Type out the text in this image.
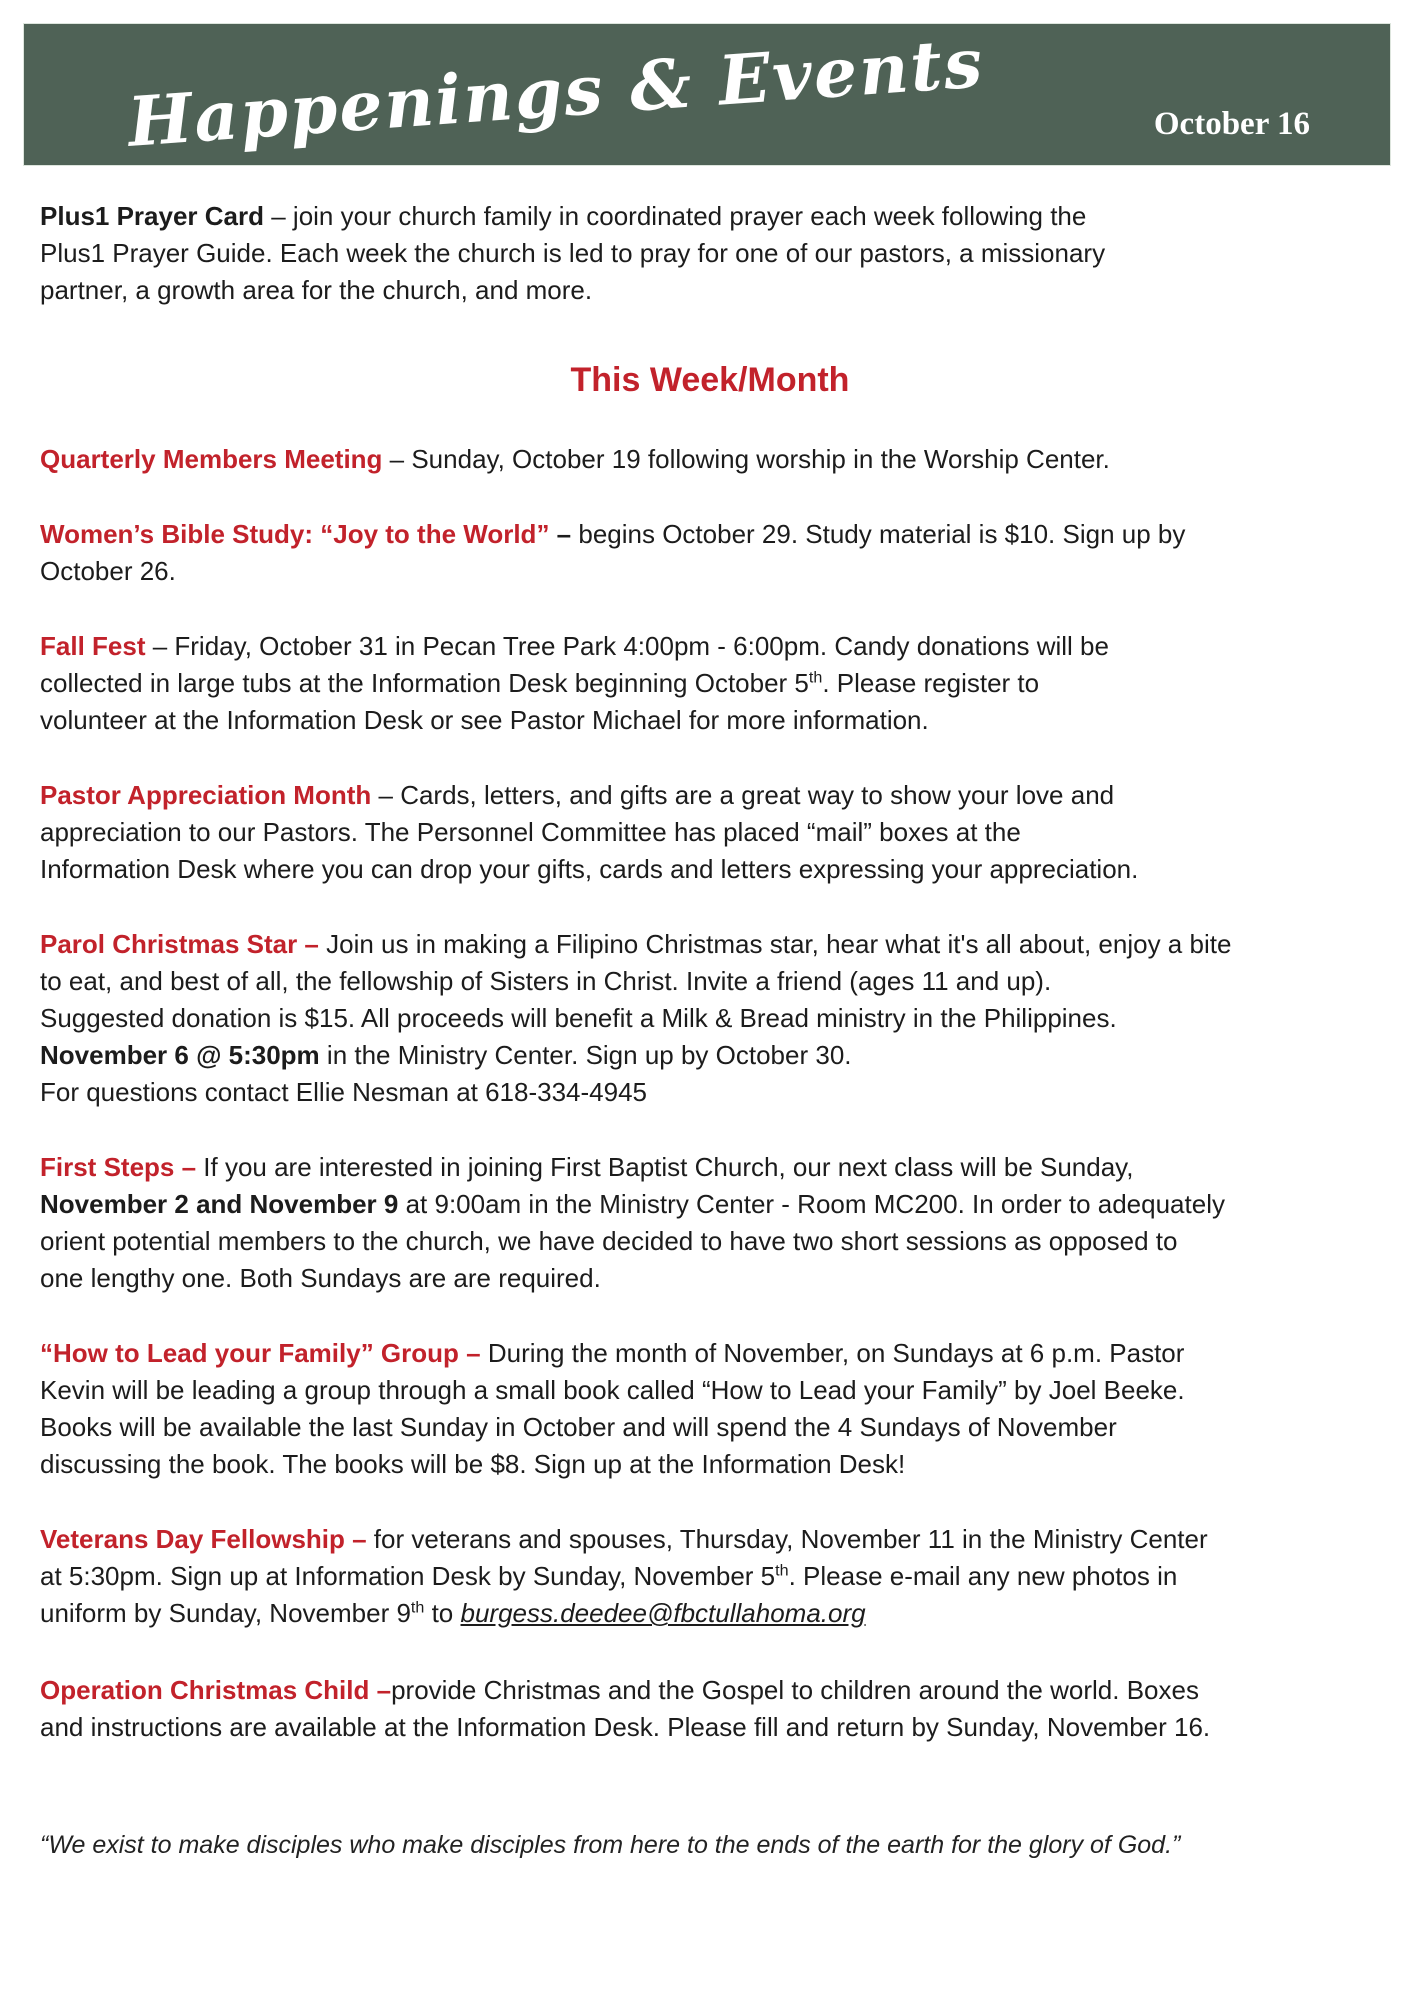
Happenings & Events	October 16

Plus1 Prayer Card – join your church family in coordinated prayer each week following the
Plus1 Prayer Guide. Each week the church is led to pray for one of our pastors, a missionary
partner, a growth area for the church, and more.

This Week/Month

Quarterly Members Meeting – Sunday, October 19 following worship in the Worship Center.

Women’s Bible Study: “Joy to the World” – begins October 29. Study material is $10. Sign up by
October 26.

Fall Fest – Friday, October 31 in Pecan Tree Park 4:00pm - 6:00pm. Candy donations will be
collected in large tubs at the Information Desk beginning October 5th. Please register to
volunteer at the Information Desk or see Pastor Michael for more information.

Pastor Appreciation Month – Cards, letters, and gifts are a great way to show your love and
appreciation to our Pastors. The Personnel Committee has placed “mail” boxes at the
Information Desk where you can drop your gifts, cards and letters expressing your appreciation.

Parol Christmas Star – Join us in making a Filipino Christmas star, hear what it's all about, enjoy a bite
to eat, and best of all, the fellowship of Sisters in Christ. Invite a friend (ages 11 and up).
Suggested donation is $15. All proceeds will benefit a Milk & Bread ministry in the Philippines.
November 6 @ 5:30pm in the Ministry Center. Sign up by October 30.
For questions contact Ellie Nesman at 618-334-4945

First Steps – If you are interested in joining First Baptist Church, our next class will be Sunday,
November 2 and November 9 at 9:00am in the Ministry Center - Room MC200. In order to adequately
orient potential members to the church, we have decided to have two short sessions as opposed to
one lengthy one. Both Sundays are are required.

“How to Lead your Family” Group – During the month of November, on Sundays at 6 p.m. Pastor
Kevin will be leading a group through a small book called “How to Lead your Family” by Joel Beeke.
Books will be available the last Sunday in October and will spend the 4 Sundays of November
discussing the book. The books will be $8. Sign up at the Information Desk!

Veterans Day Fellowship – for veterans and spouses, Thursday, November 11 in the Ministry Center
at 5:30pm. Sign up at Information Desk by Sunday, November 5th. Please e-mail any new photos in
uniform by Sunday, November 9th to burgess.deedee@fbctullahoma.org

Operation Christmas Child –provide Christmas and the Gospel to children around the world. Boxes
and instructions are available at the Information Desk. Please fill and return by Sunday, November 16.

“We exist to make disciples who make disciples from here to the ends of the earth for the glory of God.”
